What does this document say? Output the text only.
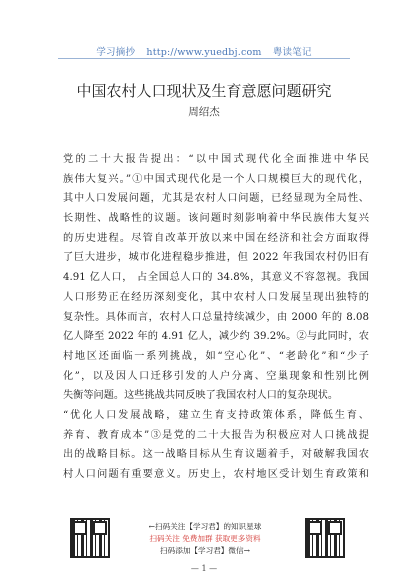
学习摘抄 http://www.yuedbj.com 粤读笔记
中国农村人口现状及生育意愿问题研究
周绍杰
党的二十大报告提出：“以中国式现代化全面推进中华民
族伟大复兴。”①中国式现代化是一个人口规模巨大的现代化，
其中人口发展问题，尤其是农村人口问题，已经显现为全局性、
长期性、战略性的议题。该问题时刻影响着中华民族伟大复兴
的历史进程。尽管自改革开放以来中国在经济和社会方面取得
了巨大进步，城市化进程稳步推进，但 2022 年我国农村仍旧有
4.91 亿人口， 占全国总人口的 34.8%，其意义不容忽视。我国
人口形势正在经历深刻变化，其中农村人口发展呈现出独特的
复杂性。具体而言，农村人口总量持续减少，由 2000 年的 8.08
亿人降至 2022 年的 4.91 亿人，减少约 39.2%。②与此同时，农
村地区还面临一系列挑战，如“空心化”、“老龄化”和“少子
化”，以及因人口迁移引发的人户分离、空巢现象和性别比例
失衡等问题。这些挑战共同反映了我国农村人口的复杂现状。
“优化人口发展战略，建立生育支持政策体系，降低生育、
养育、教育成本”③是党的二十大报告为积极应对人口挑战提
出的战略目标。这一战略目标从生育议题着手，对破解我国农
村人口问题有重要意义。历史上，农村地区受计划生育政策和
←扫码关注【学习君】的知识星球
扫码关注 免费加群 获取更多资料
扫码添加【学习君】微信→
— 1 —
